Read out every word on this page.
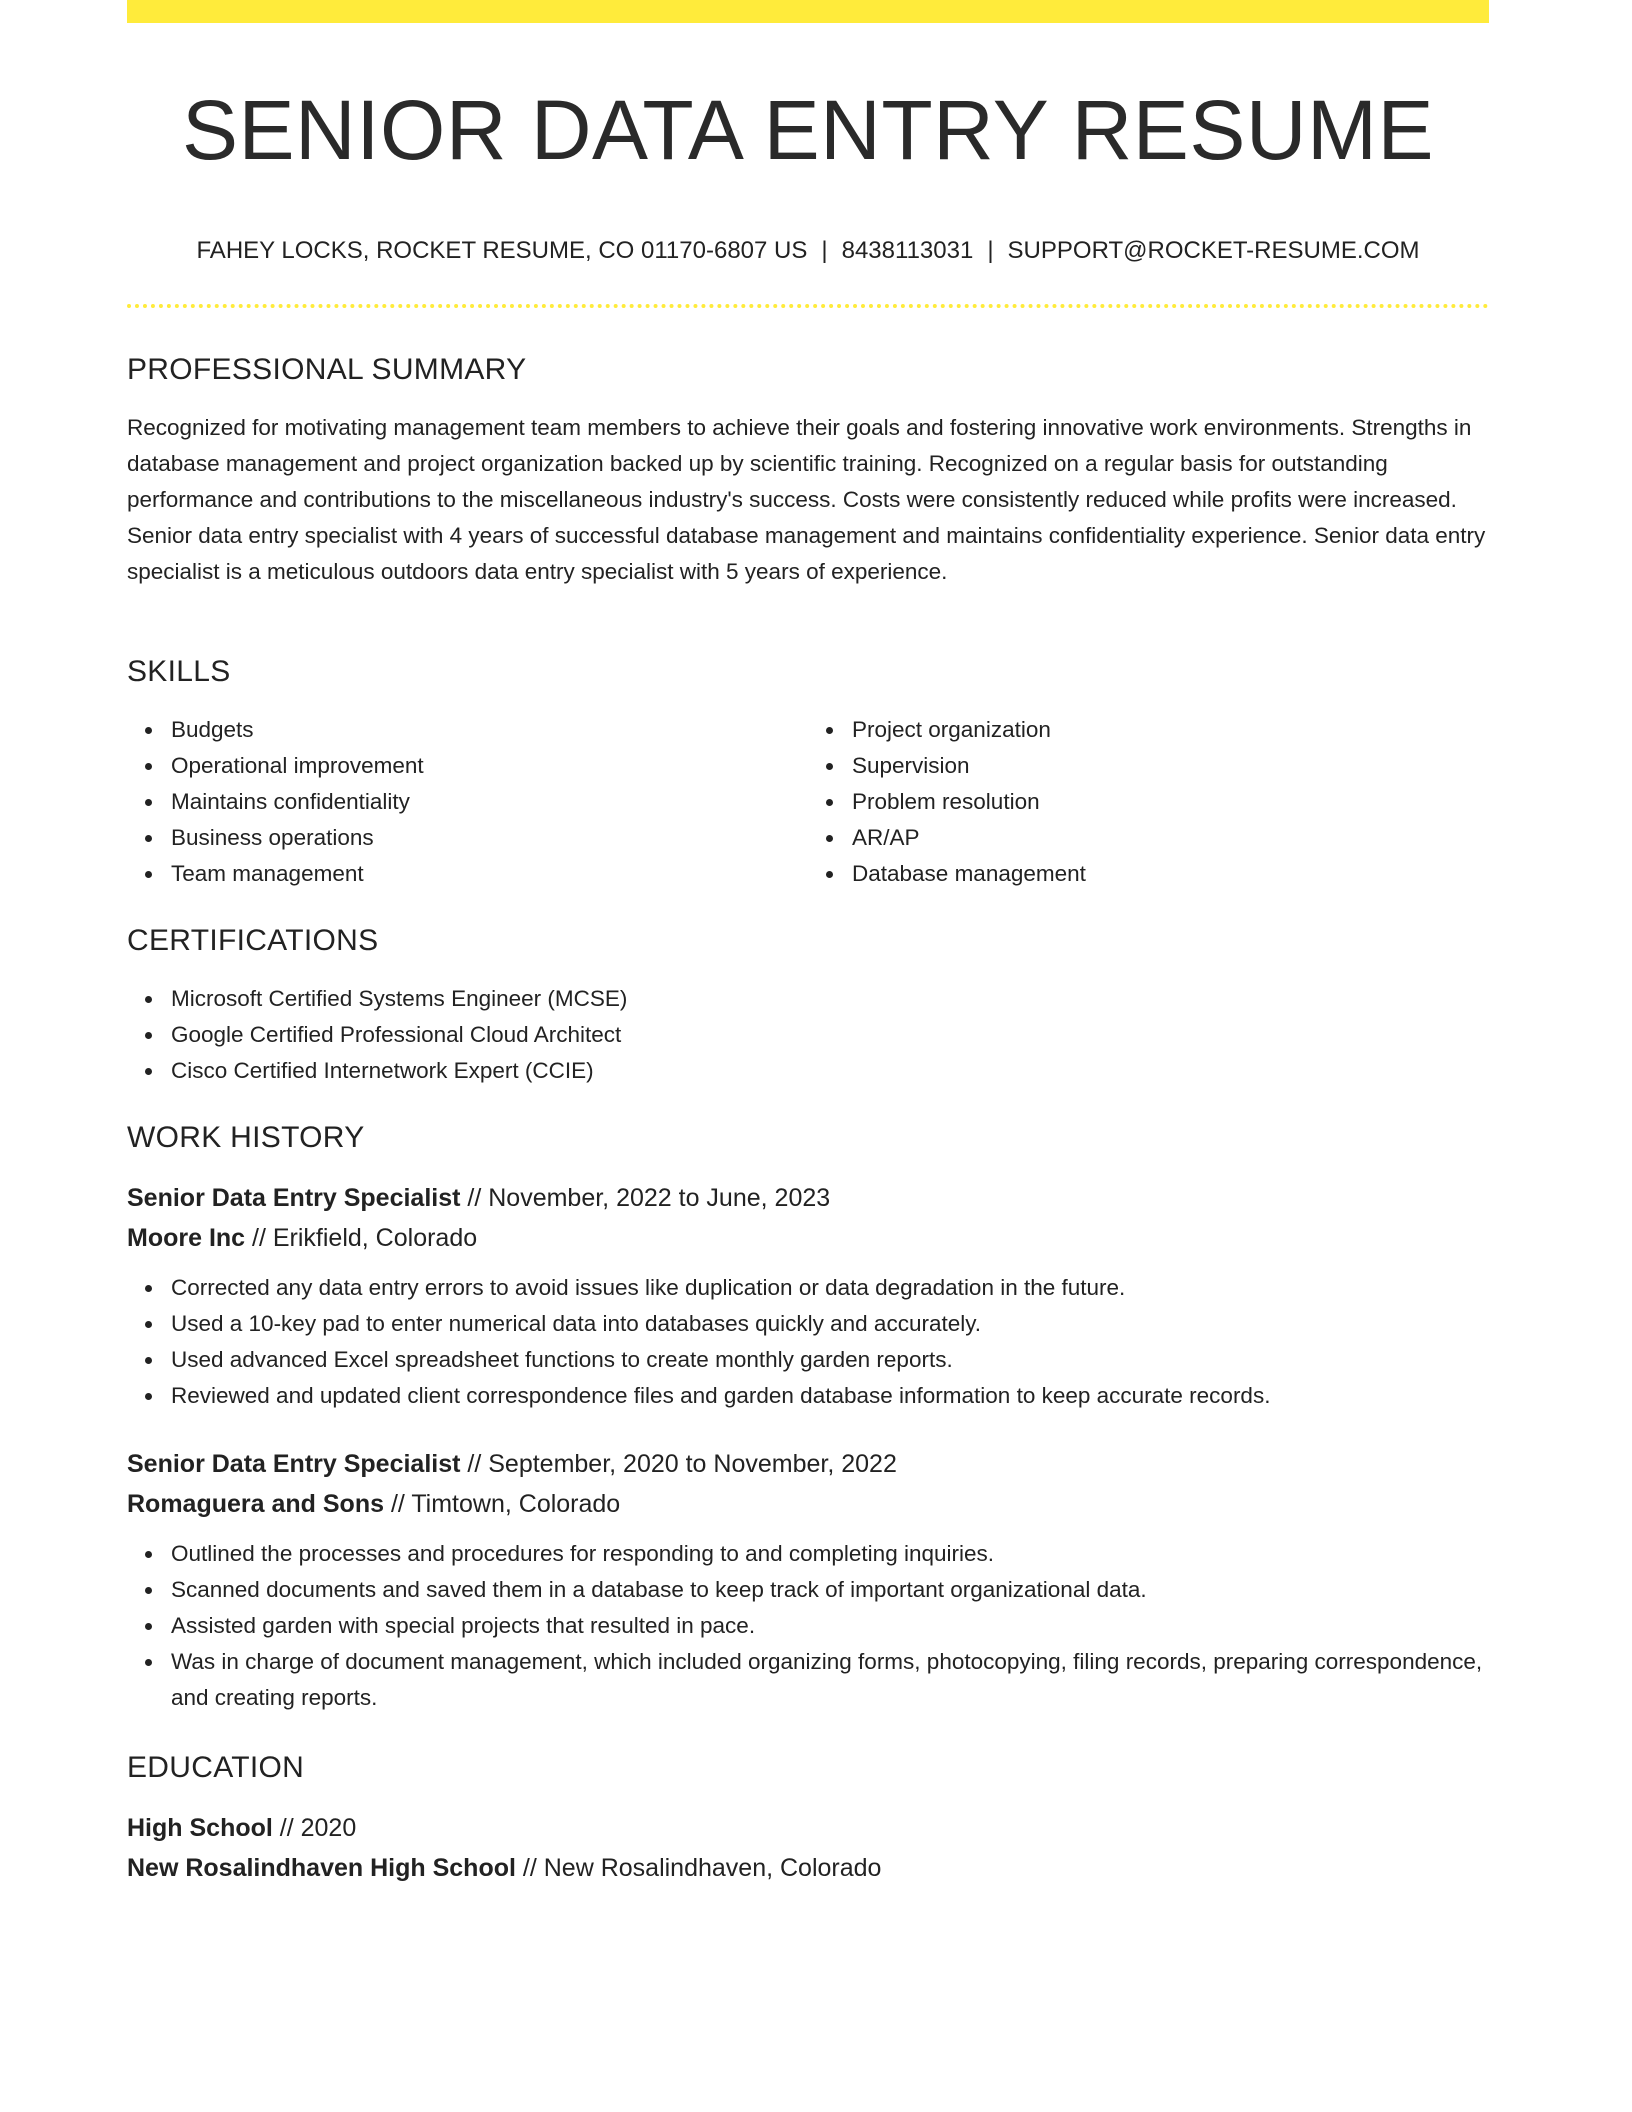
SENIOR DATA ENTRY RESUME
FAHEY LOCKS, ROCKET RESUME, CO 01170-6807 US | 8438113031 | SUPPORT@ROCKET-RESUME.COM
PROFESSIONAL SUMMARY

Recognized for motivating management team members to achieve their goals and fostering innovative work environments. Strengths in database management and project organization backed up by scientific training. Recognized on a regular basis for outstanding performance and contributions to the miscellaneous industry's success. Costs were consistently reduced while profits were increased. Senior data entry specialist with 4 years of successful database management and maintains confidentiality experience. Senior data entry specialist is a meticulous outdoors data entry specialist with 5 years of experience.

SKILLS
Budgets
Operational improvement
Maintains confidentiality
Business operations
Team management
Project organization
Supervision
Problem resolution
AR/AP
Database management
CERTIFICATIONS
Microsoft Certified Systems Engineer (MCSE)
Google Certified Professional Cloud Architect
Cisco Certified Internetwork Expert (CCIE)
WORK HISTORY
Senior Data Entry Specialist // November, 2022 to June, 2023
Moore Inc // Erikfield, Colorado
Corrected any data entry errors to avoid issues like duplication or data degradation in the future.
Used a 10-key pad to enter numerical data into databases quickly and accurately.
Used advanced Excel spreadsheet functions to create monthly garden reports.
Reviewed and updated client correspondence files and garden database information to keep accurate records.
Senior Data Entry Specialist // September, 2020 to November, 2022
Romaguera and Sons // Timtown, Colorado
Outlined the processes and procedures for responding to and completing inquiries.
Scanned documents and saved them in a database to keep track of important organizational data.
Assisted garden with special projects that resulted in pace.
Was in charge of document management, which included organizing forms, photocopying, filing records, preparing correspondence, and creating reports.
EDUCATION
High School // 2020
New Rosalindhaven High School // New Rosalindhaven, Colorado
